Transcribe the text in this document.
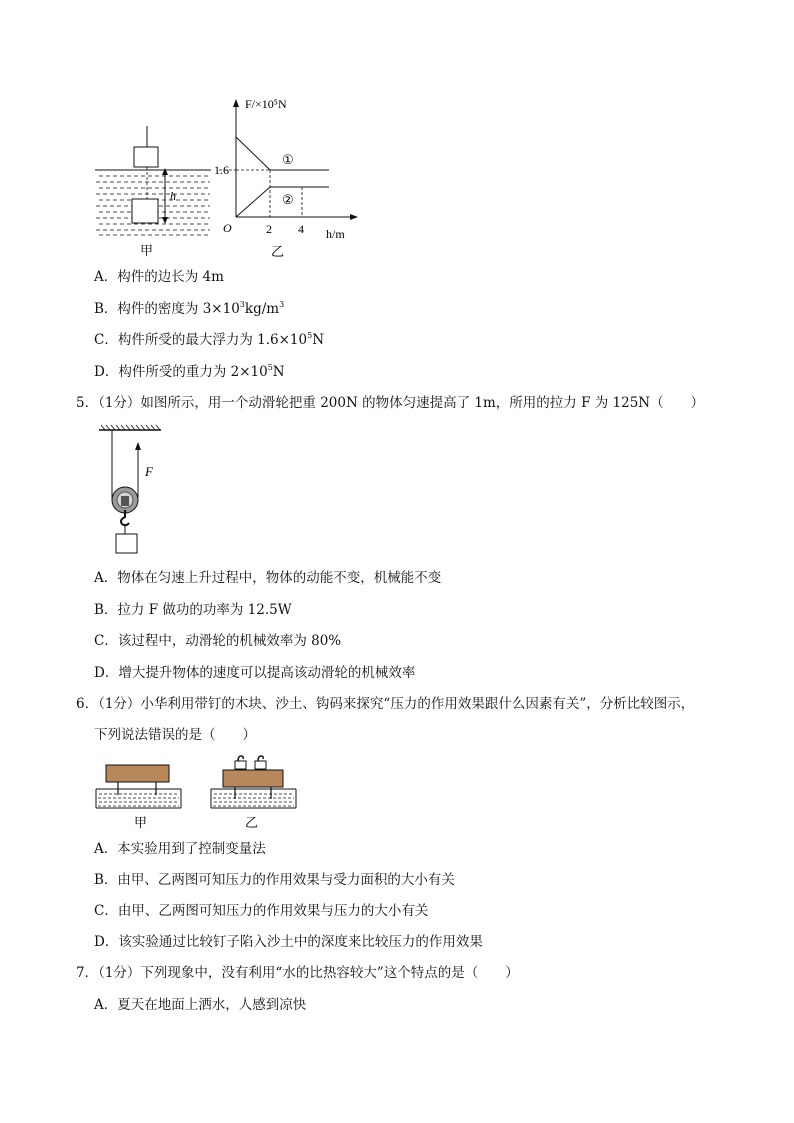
h
甲
F/×10⁵N
h/m
O
1.6
2 4
①
②
乙
A．构件的边长为 4m
B．构件的密度为 $3\times 10^3kg/m^3$
C．构件所受的最大浮力为 $1.6\times 10^5N$
D．构件所受的重力为 $2\times 10^5N$
5．（1分）如图所示，用一个动滑轮把重 200N 的物体匀速提高了 1m，所用的拉力 F 为 125N（　　）
F
A．物体在匀速上升过程中，物体的动能不变，机械能不变
B．拉力 F 做功的功率为 12.5W
C．该过程中，动滑轮的机械效率为 80%
D．增大提升物体的速度可以提高该动滑轮的机械效率
6．（1分）小华利用带钉的木块、沙土、钩码来探究“压力的作用效果跟什么因素有关”，分析比较图示，
下列说法错误的是（　　）
甲	乙
A．本实验用到了控制变量法
B．由甲、乙两图可知压力的作用效果与受力面积的大小有关
C．由甲、乙两图可知压力的作用效果与压力的大小有关
D．该实验通过比较钉子陷入沙土中的深度来比较压力的作用效果
7．（1分）下列现象中，没有利用“水的比热容较大”这个特点的是（　　）
A．夏天在地面上洒水，人感到凉快
